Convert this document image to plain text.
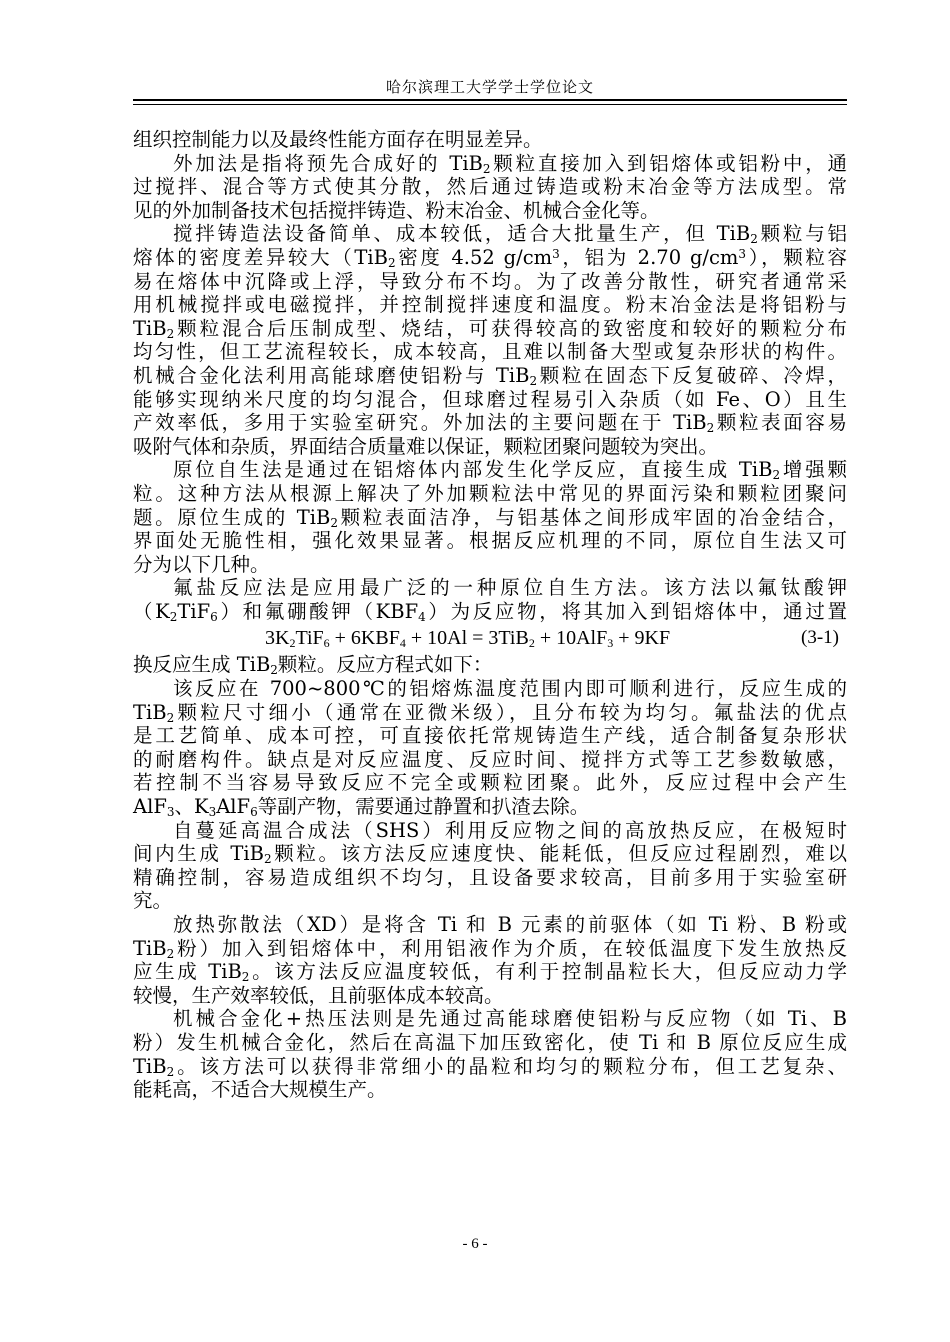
哈尔滨理工大学学士学位论文
组织控制能力以及最终性能方面存在明显差异。
外加法是指将预先合成好的 TiB$_2$颗粒直接加入到铝熔体或铝粉中，通
过搅拌、混合等方式使其分散，然后通过铸造或粉末冶金等方法成型。常
见的外加制备技术包括搅拌铸造、粉末冶金、机械合金化等。
搅拌铸造法设备简单、成本较低，适合大批量生产，但 TiB$_2$颗粒与铝
熔体的密度差异较大（TiB$_2$密度 4.52 $g/cm^3$，铝为 2.70 $g/cm^3$），颗粒容
易在熔体中沉降或上浮，导致分布不均。为了改善分散性，研究者通常采
用机械搅拌或电磁搅拌，并控制搅拌速度和温度。粉末冶金法是将铝粉与
TiB$_2$颗粒混合后压制成型、烧结，可获得较高的致密度和较好的颗粒分布
均匀性，但工艺流程较长，成本较高，且难以制备大型或复杂形状的构件。
机械合金化法利用高能球磨使铝粉与 TiB$_2$颗粒在固态下反复破碎、冷焊，
能够实现纳米尺度的均匀混合，但球磨过程易引入杂质（如 Fe、O）且生
产效率低，多用于实验室研究。外加法的主要问题在于 TiB$_2$颗粒表面容易
吸附气体和杂质，界面结合质量难以保证，颗粒团聚问题较为突出。
原位自生法是通过在铝熔体内部发生化学反应，直接生成 TiB$_2$增强颗
粒。这种方法从根源上解决了外加颗粒法中常见的界面污染和颗粒团聚问
题。原位生成的 TiB$_2$颗粒表面洁净，与铝基体之间形成牢固的冶金结合，
界面处无脆性相，强化效果显著。根据反应机理的不同，原位自生法又可
分为以下几种。
氟盐反应法是应用最广泛的一种原位自生方法。该方法以氟钛酸钾
$(K_2TiF_6)$和氟硼酸钾$(KBF_4)$为反应物，将其加入到铝熔体中，通过置
$3K_2TiF_6 + 6KBF_4 + 10Al = 3TiB_2 + 10AlF_3 + 9KF$	(3-1)
换反应生成 TiB$_2$颗粒。反应方程式如下：
该反应在 700~800℃的铝熔炼温度范围内即可顺利进行，反应生成的
TiB$_2$颗粒尺寸细小（通常在亚微米级），且分布较为均匀。氟盐法的优点
是工艺简单、成本可控，可直接依托常规铸造生产线，适合制备复杂形状
的耐磨构件。缺点是对反应温度、反应时间、搅拌方式等工艺参数敏感，
若控制不当容易导致反应不完全或颗粒团聚。此外，反应过程中会产生
AlF$_3$、$K_3AlF_6$等副产物，需要通过静置和扒渣去除。
自蔓延高温合成法（SHS）利用反应物之间的高放热反应，在极短时
间内生成 TiB$_2$颗粒。该方法反应速度快、能耗低，但反应过程剧烈，难以
精确控制，容易造成组织不均匀，且设备要求较高，目前多用于实验室研
究。
放热弥散法（XD）是将含 Ti 和 B 元素的前驱体（如 Ti 粉、B 粉或
TiB$_2$粉）加入到铝熔体中，利用铝液作为介质，在较低温度下发生放热反
应生成 TiB$_2$。该方法反应温度较低，有利于控制晶粒长大，但反应动力学
较慢，生产效率较低，且前驱体成本较高。
机械合金化+热压法则是先通过高能球磨使铝粉与反应物（如 Ti、B
粉）发生机械合金化，然后在高温下加压致密化，使 Ti 和 B 原位反应生成
TiB$_2$。该方法可以获得非常细小的晶粒和均匀的颗粒分布，但工艺复杂、
能耗高，不适合大规模生产。
- 6 -
